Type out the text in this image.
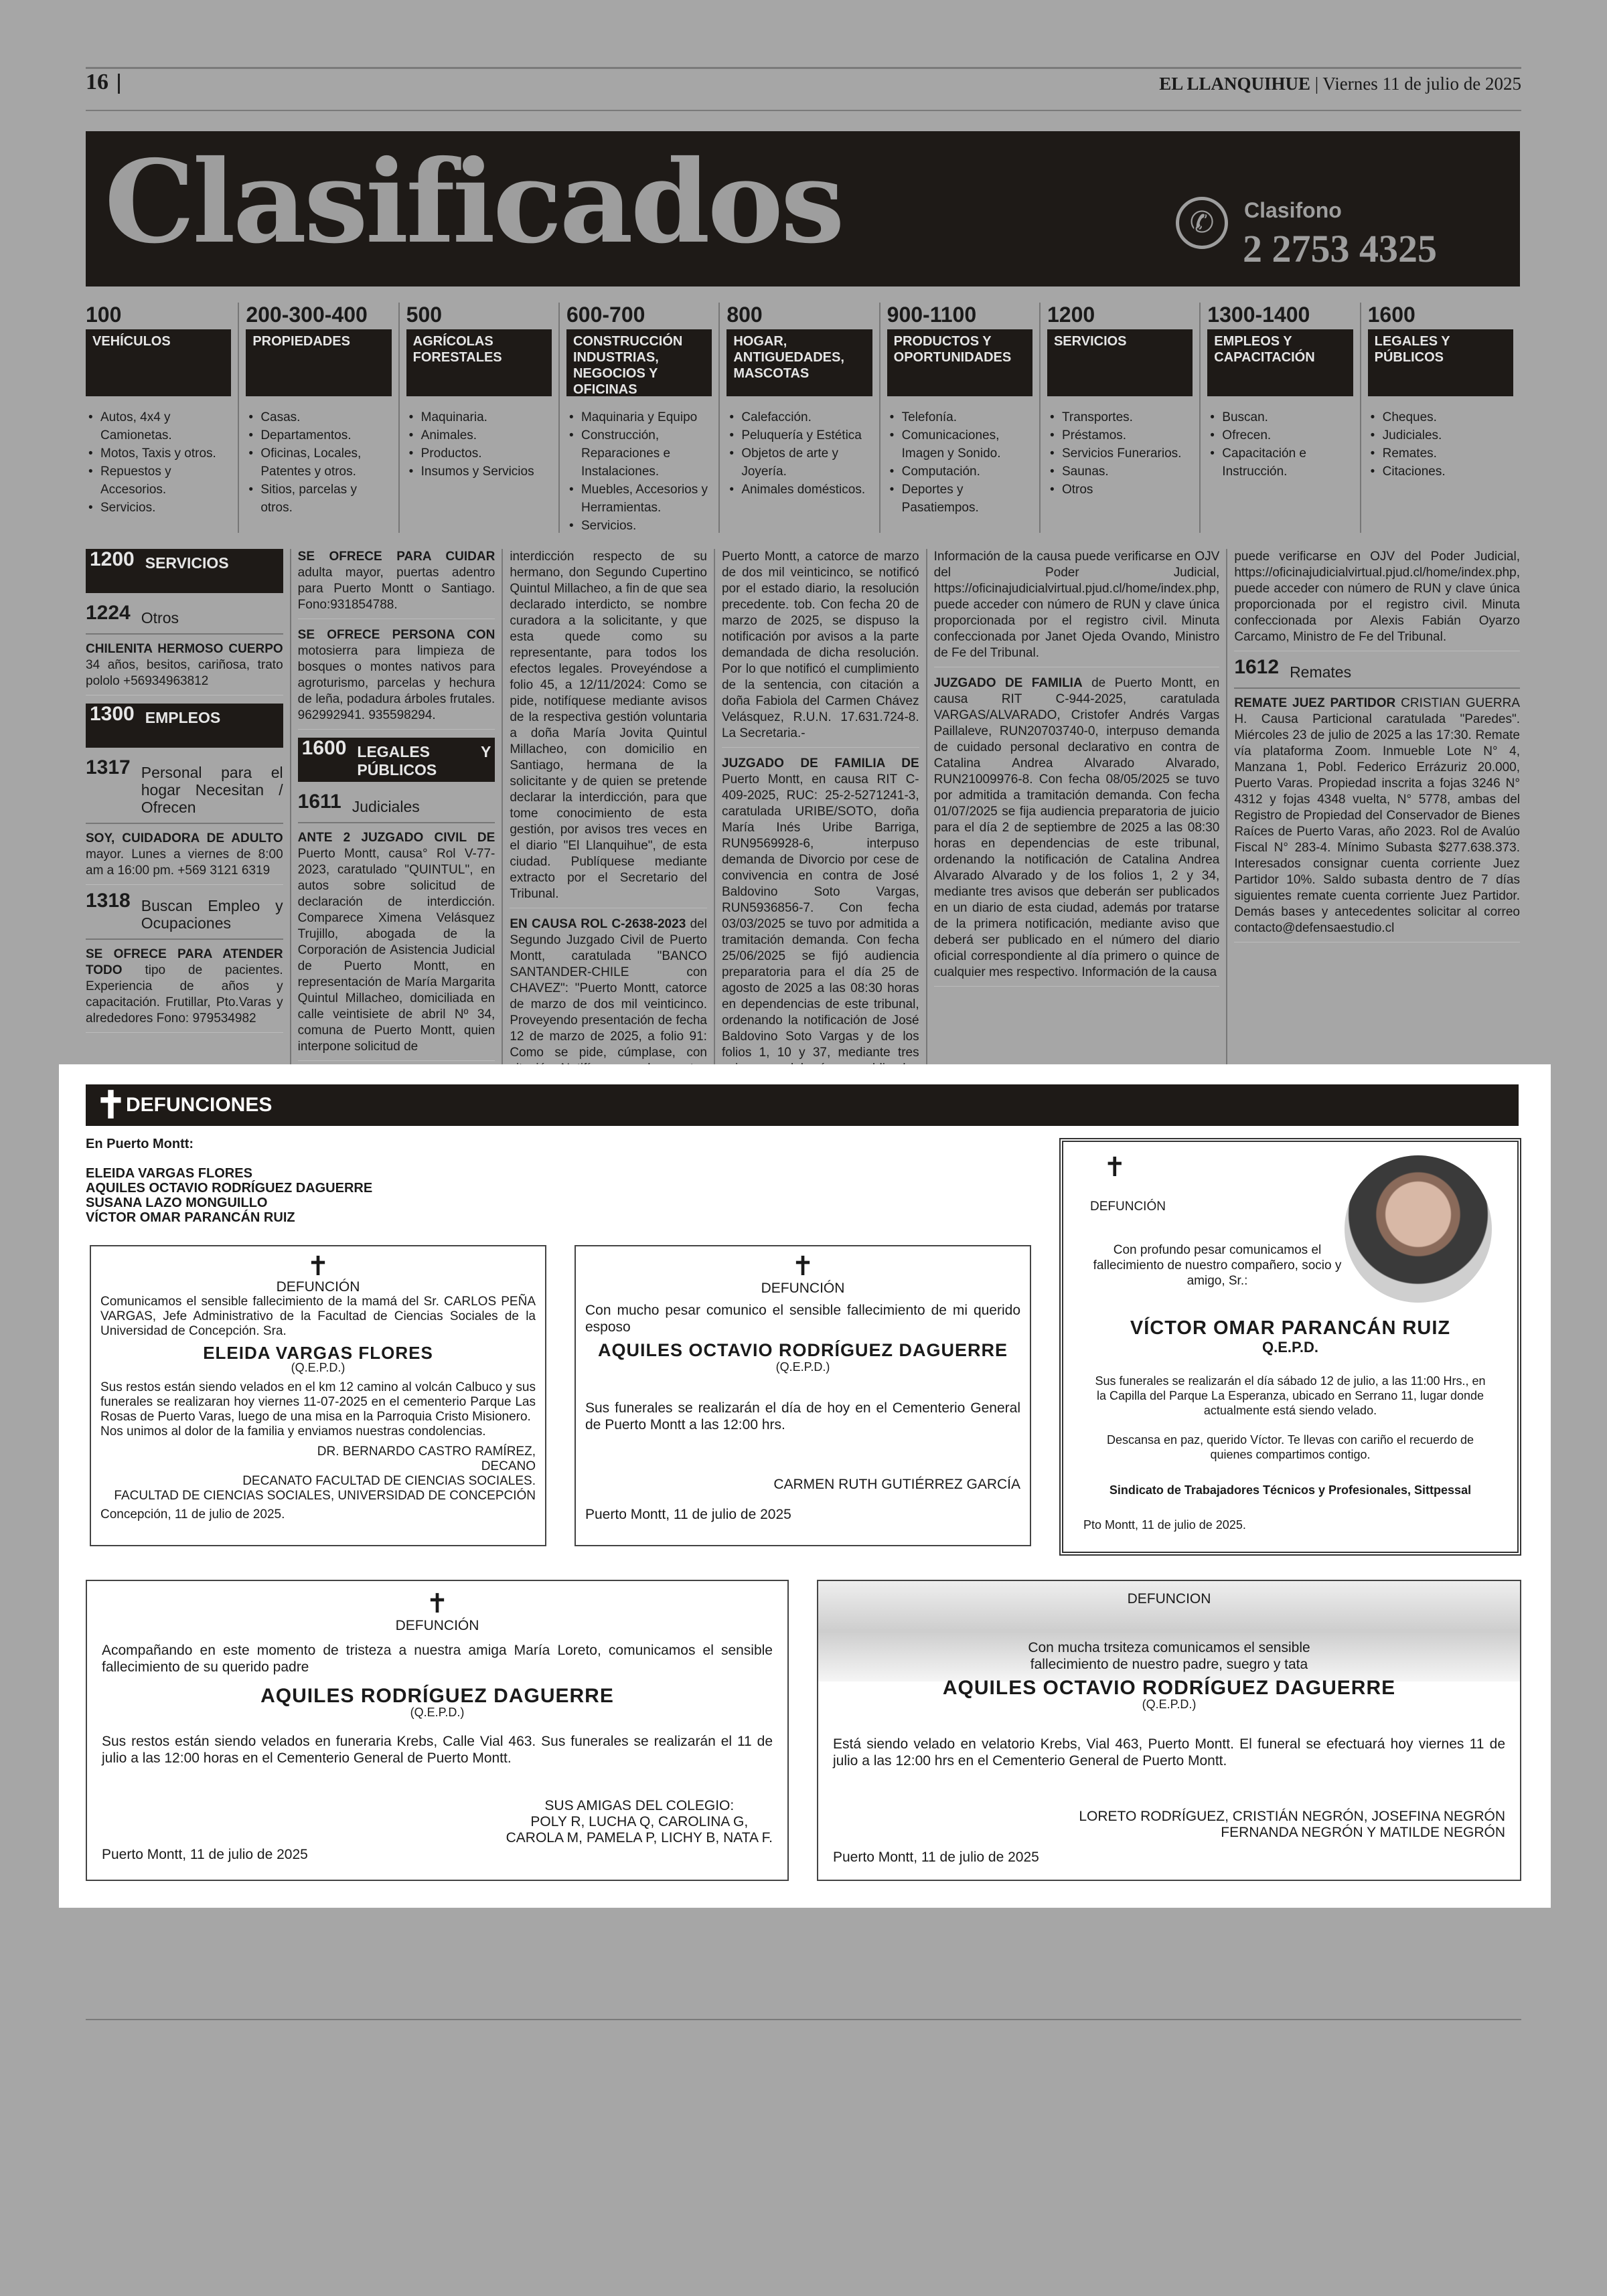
16	EL LLANQUIHUE | Viernes 11 de julio de 2025
Clasificados	✆	Clasifono
2 2753 4325
100
VEHÍCULOS
• Autos, 4x4 y Camionetas.
• Motos, Taxis y otros.
• Repuestos y Accesorios.
• Servicios.
200-300-400
PROPIEDADES
• Casas.
• Departamentos.
• Oficinas, Locales, Patentes y otros.
• Sitios, parcelas y otros.
500
AGRÍCOLAS FORESTALES
• Maquinaria.
• Animales.
• Productos.
• Insumos y Servicios
600-700
CONSTRUCCIÓN INDUSTRIAS, NEGOCIOS Y OFICINAS
• Maquinaria y Equipo
• Construcción, Reparaciones e Instalaciones.
• Muebles, Accesorios y Herramientas.
• Servicios.
800
HOGAR, ANTIGUEDADES, MASCOTAS
• Calefacción.
• Peluquería y Estética
• Objetos de arte y Joyería.
• Animales domésticos.
900-1100
PRODUCTOS Y OPORTUNIDADES
• Telefonía.
• Comunicaciones, Imagen y Sonido.
• Computación.
• Deportes y Pasatiempos.
1200
SERVICIOS
• Transportes.
• Préstamos.
• Servicios Funerarios.
• Saunas.
• Otros
1300-1400
EMPLEOS Y CAPACITACIÓN
• Buscan.
• Ofrecen.
• Capacitación e Instrucción.
1600
LEGALES Y PÚBLICOS
• Cheques.
• Judiciales.
• Remates.
• Citaciones.
1200 SERVICIOS
1224 Otros
CHILENITA HERMOSO CUERPO 34 años, besitos, cariñosa, trato pololo +56934963812
1300 EMPLEOS
1317 Personal para el hogar Necesitan / Ofrecen
SOY, CUIDADORA DE ADULTO mayor. Lunes a viernes de 8:00 am a 16:00 pm. +569 3121 6319
1318 Buscan Empleo y Ocupaciones
SE OFRECE PARA ATENDER TODO tipo de pacientes. Experiencia de años y capacitación. Frutillar, Pto.Varas y alrededores Fono: 979534982
SE OFRECE PARA CUIDAR adulta mayor, puertas adentro para Puerto Montt o Santiago. Fono:931854788.
SE OFRECE PERSONA CON motosierra para limpieza de bosques o montes nativos para agroturismo, parcelas y hechura de leña, podadura árboles frutales. 962992941. 935598294.
1600 LEGALES Y PÚBLICOS
1611 Judiciales
ANTE 2 JUZGADO CIVIL DE Puerto Montt, causa° Rol V-77-2023, caratulado "QUINTUL", en autos sobre solicitud de declaración de interdicción. Comparece Ximena Velásquez Trujillo, abogada de la Corporación de Asistencia Judicial de Puerto Montt, en representación de María Margarita Quintul Millacheo, domiciliada en calle veintisiete de abril Nº 34, comuna de Puerto Montt, quien interpone solicitud de
interdicción respecto de su hermano, don Segundo Cupertino Quintul Millacheo, a fin de que sea declarado interdicto, se nombre curadora a la solicitante, y que esta quede como su representante, para todos los efectos legales. Proveyéndose a folio 45, a 12/11/2024: Como se pide, notifíquese mediante avisos de la respectiva gestión voluntaria a doña María Jovita Quintul Millacheo, con domicilio en Santiago, hermana de la solicitante y de quien se pretende declarar la interdicción, para que tome conocimiento de esta gestión, por avisos tres veces en el diario "El Llanquihue", de esta ciudad. Publíquese mediante extracto por el Secretario del Tribunal.
EN CAUSA ROL C-2638-2023 del Segundo Juzgado Civil de Puerto Montt, caratulada "BANCO SANTANDER-CHILE con CHAVEZ": "Puerto Montt, catorce de marzo de dos mil veinticinco. Proveyendo presentación de fecha 12 de marzo de 2025, a folio 91: Como se pide, cúmplase, con
Puerto Montt, a catorce de marzo de dos mil veinticinco, se notificó por el estado diario, la resolución precedente. tob. Con fecha 20 de marzo de 2025, se dispuso la notificación por avisos a la parte demandada de dicha resolución. Por lo que notificó el cumplimiento de la sentencia, con citación a doña Fabiola del Carmen Chávez Velásquez, R.U.N. 17.631.724-8. La Secretaria.-
JUZGADO DE FAMILIA DE Puerto Montt, en causa RIT C-409-2025, RUC: 25-2-5271241-3, caratulada URIBE/SOTO, doña María Inés Uribe Barriga, RUN9569928-6, interpuso demanda de Divorcio por cese de convivencia en contra de José Baldovino Soto Vargas, RUN5936856-7. Con fecha 03/03/2025 se tuvo por admitida a tramitación demanda. Con fecha 25/06/2025 se fijó audiencia preparatoria para el día 25 de agosto de 2025 a las 08:30 horas en dependencias de este tribunal, ordenando la notificación de José Baldovino Soto Vargas y de los folios 1, 10 y 37, mediante tres
Información de la causa puede verificarse en OJV del Poder Judicial, https://oficinajudicialvirtual.pjud.cl/home/index.php, puede acceder con número de RUN y clave única proporcionada por el registro civil. Minuta confeccionada por Janet Ojeda Ovando, Ministro de Fe del Tribunal.
JUZGADO DE FAMILIA de Puerto Montt, en causa RIT C-944-2025, caratulada VARGAS/ALVARADO, Cristofer Andrés Vargas Paillaleve, RUN20703740-0, interpuso demanda de cuidado personal declarativo en contra de Catalina Andrea Alvarado Alvarado, RUN21009976-8. Con fecha 08/05/2025 se tuvo por admitida a tramitación demanda. Con fecha 01/07/2025 se fija audiencia preparatoria de juicio para el día 2 de septiembre de 2025 a las 08:30 horas en dependencias de este tribunal, ordenando la notificación de Catalina Andrea Alvarado Alvarado y de los folios 1, 2 y 34, mediante tres avisos que deberán ser publicados en un diario de esta ciudad, además por tratarse de la primera notificación, mediante aviso que deberá ser publicado en el número del diario oficial correspondiente al día primero o quince de cualquier mes respectivo. Información de la causa
puede verificarse en OJV del Poder Judicial, https://oficinajudicialvirtual.pjud.cl/home/index.php, puede acceder con número de RUN y clave única proporcionada por el registro civil. Minuta confeccionada por Alexis Fabián Oyarzo Carcamo, Ministro de Fe del Tribunal.
1612 Remates
REMATE JUEZ PARTIDOR CRISTIAN GUERRA H. Causa Particional caratulada "Paredes". Miércoles 23 de julio de 2025 a las 17:30. Remate vía plataforma Zoom. Inmueble Lote N° 4, Manzana 1, Pobl. Federico Errázuriz 20.000, Puerto Varas. Propiedad inscrita a fojas 3246 N° 4312 y fojas 4348 vuelta, N° 5778, ambas del Registro de Propiedad del Conservador de Bienes Raíces de Puerto Varas, año 2023. Rol de Avalúo Fiscal N° 283-4. Mínimo Subasta $277.638.373. Interesados consignar cuenta corriente Juez Partidor 10%. Saldo subasta dentro de 7 días siguientes remate cuenta corriente Juez Partidor. Demás bases y antecedentes solicitar al correo contacto@defensaestudio.cl
✝ DEFUNCIONES
En Puerto Montt:
ELEIDA VARGAS FLORES
AQUILES OCTAVIO RODRÍGUEZ DAGUERRE
SUSANA LAZO MONGUILLO
VÍCTOR OMAR PARANCÁN RUIZ
✝
DEFUNCIÓN

Comunicamos el sensible fallecimiento de la mamá del Sr. CARLOS PEÑA VARGAS, Jefe Administrativo de la Facultad de Ciencias Sociales de la Universidad de Concepción. Sra.

ELEIDA VARGAS FLORES
(Q.E.P.D.)

Sus restos están siendo velados en el km 12 camino al volcán Calbuco y sus funerales se realizaran hoy viernes 11-07-2025 en el cementerio Parque Las Rosas de Puerto Varas, luego de una misa en la Parroquia Cristo Misionero.

Nos unimos al dolor de la familia y enviamos nuestras condolencias.

DR. BERNARDO CASTRO RAMÍREZ,
DECANO
DECANATO FACULTAD DE CIENCIAS SOCIALES.
FACULTAD DE CIENCIAS SOCIALES, UNIVERSIDAD DE CONCEPCIÓN
Concepción, 11 de julio de 2025.
✝
DEFUNCIÓN

Con mucho pesar comunico el sensible fallecimiento de mi querido esposo

AQUILES OCTAVIO RODRÍGUEZ DAGUERRE
(Q.E.P.D.)

Sus funerales se realizarán el día de hoy en el Cementerio General de Puerto Montt a las 12:00 hrs.

CARMEN RUTH GUTIÉRREZ GARCÍA
Puerto Montt, 11 de julio de 2025
✝
DEFUNCIÓN
Con profundo pesar comunicamos el fallecimiento de nuestro compañero, socio y amigo, Sr.:
VÍCTOR OMAR PARANCÁN RUIZ
Q.E.P.D.
Sus funerales se realizarán el día sábado 12 de julio, a las 11:00 Hrs., en la Capilla del Parque La Esperanza, ubicado en Serrano 11, lugar donde actualmente está siendo velado.
Descansa en paz, querido Víctor. Te llevas con cariño el recuerdo de quienes compartimos contigo.
Sindicato de Trabajadores Técnicos y Profesionales, Sittpessal
Pto Montt, 11 de julio de 2025.
✝
DEFUNCIÓN

Acompañando en este momento de tristeza a nuestra amiga María Loreto, comunicamos el sensible fallecimiento de su querido padre

AQUILES RODRÍGUEZ DAGUERRE
(Q.E.P.D.)

Sus restos están siendo velados en funeraria Krebs, Calle Vial 463. Sus funerales se realizarán el 11 de julio a las 12:00 horas en el Cementerio General de Puerto Montt.

SUS AMIGAS DEL COLEGIO:
POLY R, LUCHA Q, CAROLINA G,
CAROLA M, PAMELA P, LICHY B, NATA F.
Puerto Montt, 11 de julio de 2025
DEFUNCION
Con mucha trsiteza comunicamos el sensible fallecimiento de nuestro padre, suegro y tata
AQUILES OCTAVIO RODRÍGUEZ DAGUERRE
(Q.E.P.D.)

Está siendo velado en velatorio Krebs, Vial 463, Puerto Montt. El funeral se efectuará hoy viernes 11 de julio a las 12:00 hrs en el Cementerio General de Puerto Montt.

LORETO RODRÍGUEZ, CRISTIÁN NEGRÓN, JOSEFINA NEGRÓN
FERNANDA NEGRÓN Y MATILDE NEGRÓN
Puerto Montt, 11 de julio de 2025
